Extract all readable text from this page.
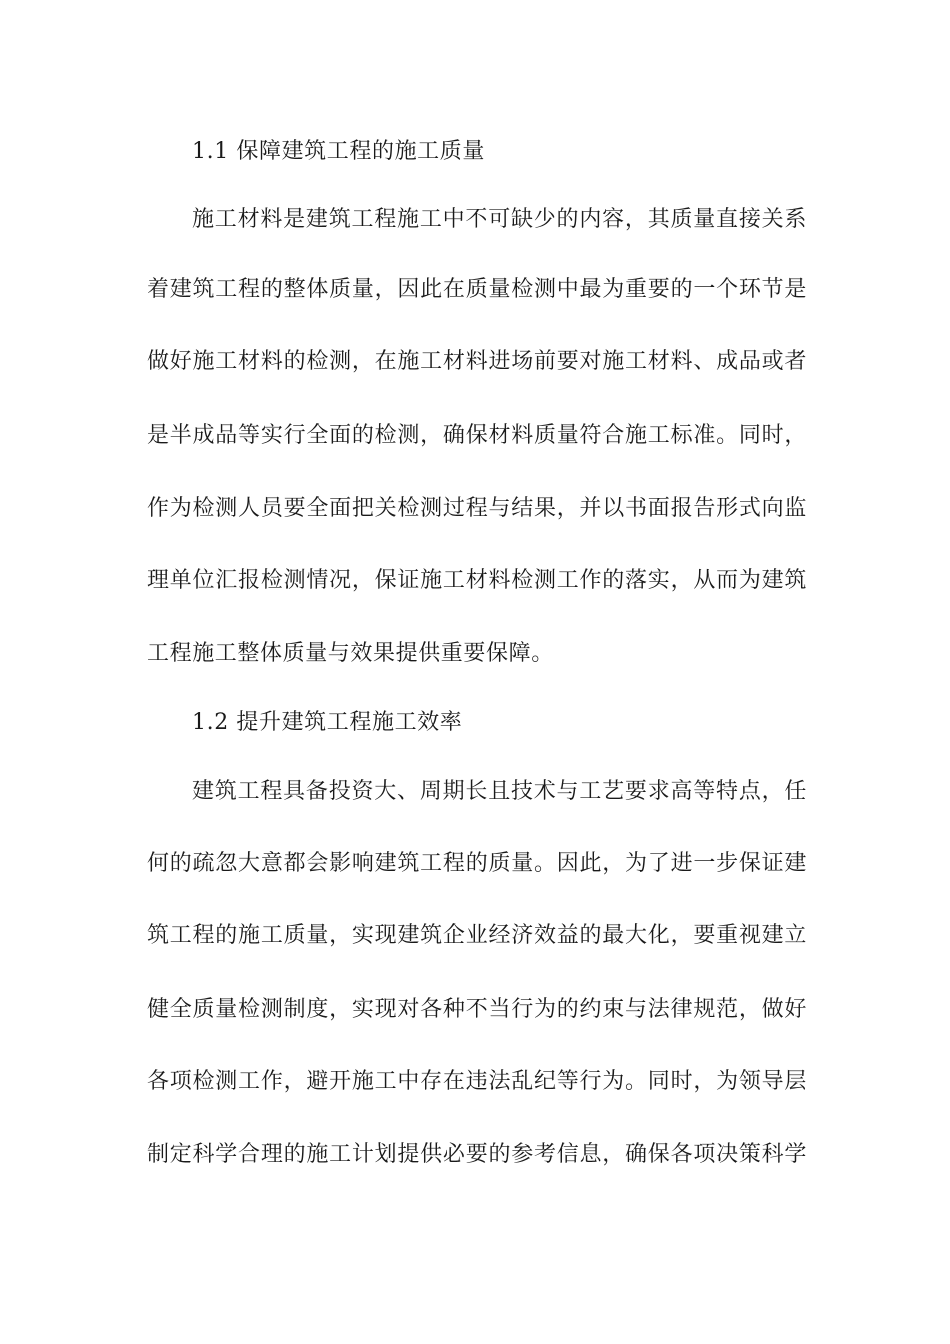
1.1 保障建筑工程的施工质量
施工材料是建筑工程施工中不可缺少的内容，其质量直接关系
着建筑工程的整体质量，因此在质量检测中最为重要的一个环节是
做好施工材料的检测，在施工材料进场前要对施工材料、成品或者
是半成品等实行全面的检测，确保材料质量符合施工标准。同时，
作为检测人员要全面把关检测过程与结果，并以书面报告形式向监
理单位汇报检测情况，保证施工材料检测工作的落实，从而为建筑
工程施工整体质量与效果提供重要保障。
1.2 提升建筑工程施工效率
建筑工程具备投资大、周期长且技术与工艺要求高等特点，任
何的疏忽大意都会影响建筑工程的质量。因此，为了进一步保证建
筑工程的施工质量，实现建筑企业经济效益的最大化，要重视建立
健全质量检测制度，实现对各种不当行为的约束与法律规范，做好
各项检测工作，避开施工中存在违法乱纪等行为。同时，为领导层
制定科学合理的施工计划提供必要的参考信息，确保各项决策科学
